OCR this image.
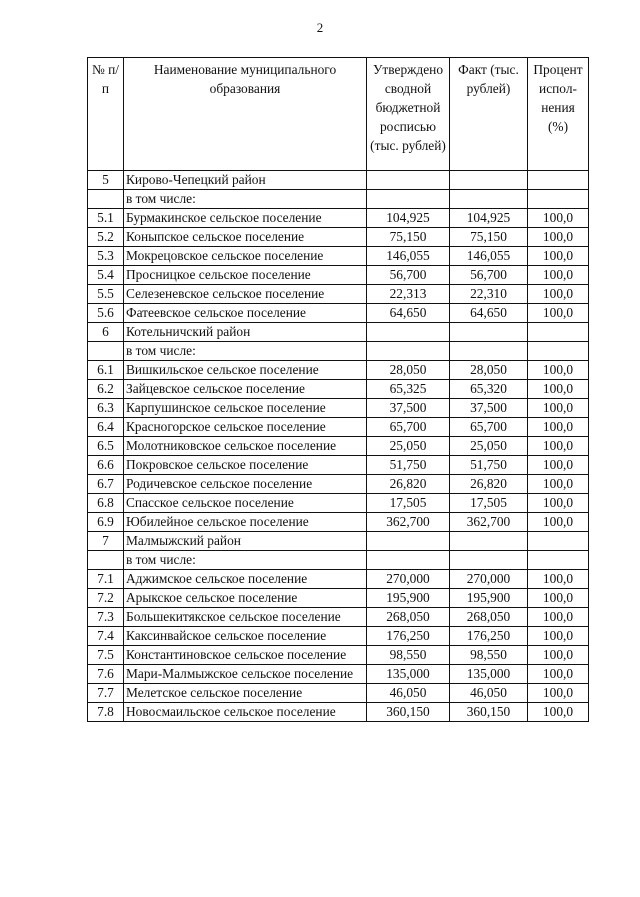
2
№ п/п	Наименование муниципального образования	Утверждено сводной бюджетной росписью (тыс. рублей)	Факт (тыс. рублей)	Процент испол-нения (%)
5	Кирово-Чепецкий район			
	в том числе:			
5.1	Бурмакинское сельское поселение	104,925	104,925	100,0
5.2	Коныпское сельское поселение	75,150	75,150	100,0
5.3	Мокрецовское сельское поселение	146,055	146,055	100,0
5.4	Просницкое сельское поселение	56,700	56,700	100,0
5.5	Селезеневское сельское поселение	22,313	22,310	100,0
5.6	Фатеевское сельское поселение	64,650	64,650	100,0
6	Котельничский район			
	в том числе:			
6.1	Вишкильское сельское поселение	28,050	28,050	100,0
6.2	Зайцевское сельское поселение	65,325	65,320	100,0
6.3	Карпушинское сельское поселение	37,500	37,500	100,0
6.4	Красногорское сельское поселение	65,700	65,700	100,0
6.5	Молотниковское сельское поселение	25,050	25,050	100,0
6.6	Покровское сельское поселение	51,750	51,750	100,0
6.7	Родичевское сельское поселение	26,820	26,820	100,0
6.8	Спасское сельское поселение	17,505	17,505	100,0
6.9	Юбилейное сельское поселение	362,700	362,700	100,0
7	Малмыжский район			
	в том числе:			
7.1	Аджимское сельское поселение	270,000	270,000	100,0
7.2	Арыкское сельское поселение	195,900	195,900	100,0
7.3	Большекитякское сельское поселение	268,050	268,050	100,0
7.4	Каксинвайское сельское поселение	176,250	176,250	100,0
7.5	Константиновское сельское поселение	98,550	98,550	100,0
7.6	Мари-Малмыжское сельское поселение	135,000	135,000	100,0
7.7	Мелетское сельское поселение	46,050	46,050	100,0
7.8	Новосмаильское сельское поселение	360,150	360,150	100,0
